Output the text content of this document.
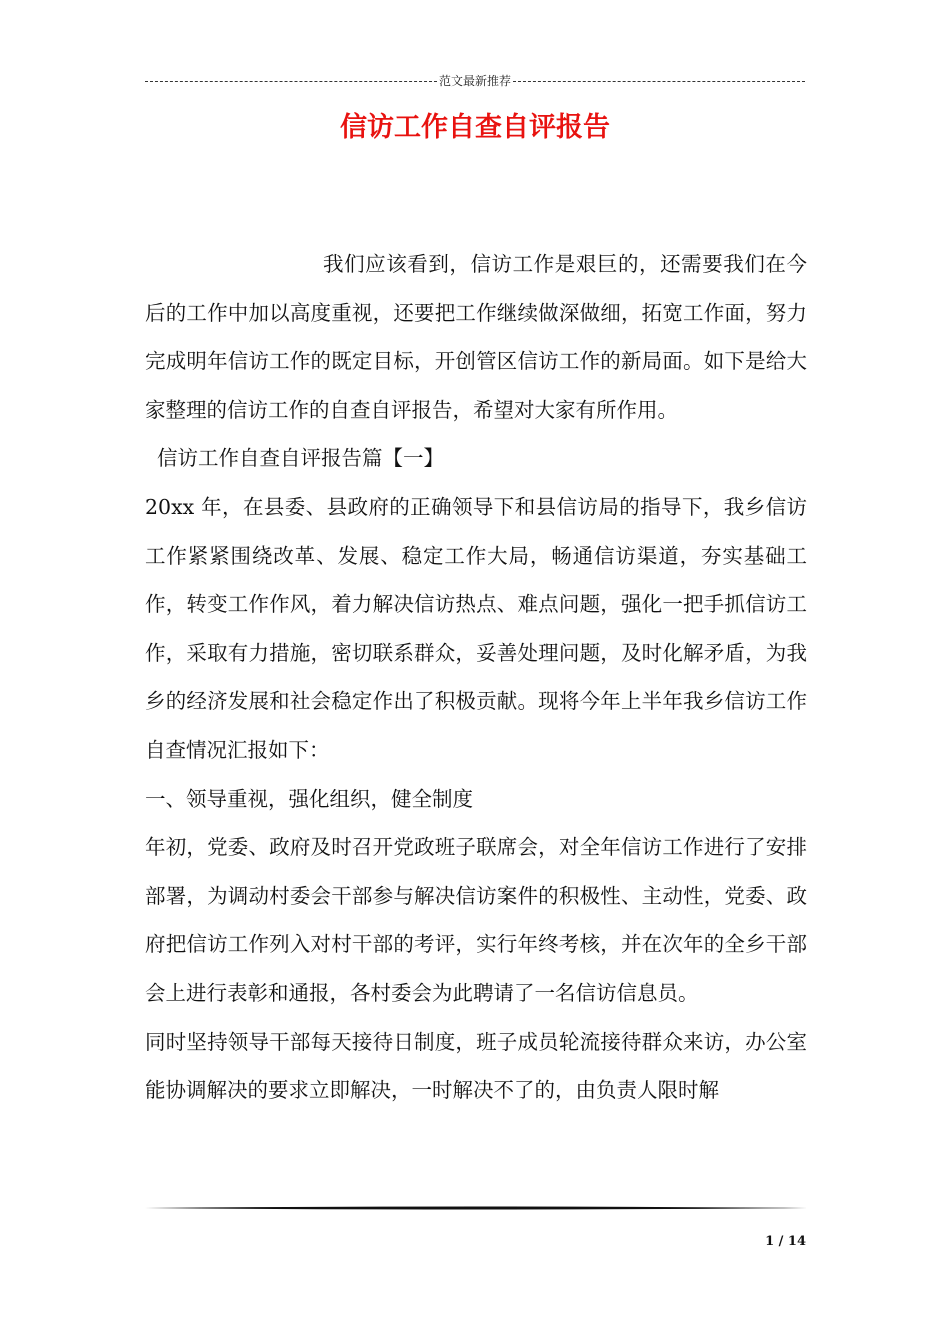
范文最新推荐
信访工作自查自评报告

我们应该看到，信访工作是艰巨的，还需要我们在今后的工作中加以高度重视，还要把工作继续做深做细，拓宽工作面，努力完成明年信访工作的既定目标，开创管区信访工作的新局面。如下是给大家整理的信访工作的自查自评报告，希望对大家有所作用。

信访工作自查自评报告篇【一】

20xx 年，在县委、县政府的正确领导下和县信访局的指导下，我乡信访工作紧紧围绕改革、发展、稳定工作大局，畅通信访渠道，夯实基础工作，转变工作作风，着力解决信访热点、难点问题，强化一把手抓信访工作，采取有力措施，密切联系群众，妥善处理问题，及时化解矛盾，为我乡的经济发展和社会稳定作出了积极贡献。现将今年上半年我乡信访工作自查情况汇报如下：

一、领导重视，强化组织，健全制度

年初，党委、政府及时召开党政班子联席会，对全年信访工作进行了安排部署，为调动村委会干部参与解决信访案件的积极性、主动性，党委、政府把信访工作列入对村干部的考评，实行年终考核，并在次年的全乡干部会上进行表彰和通报，各村委会为此聘请了一名信访信息员。

同时坚持领导干部每天接待日制度，班子成员轮流接待群众来访，办公室能协调解决的要求立即解决，一时解决不了的，由负责人限时解

1 / 14
